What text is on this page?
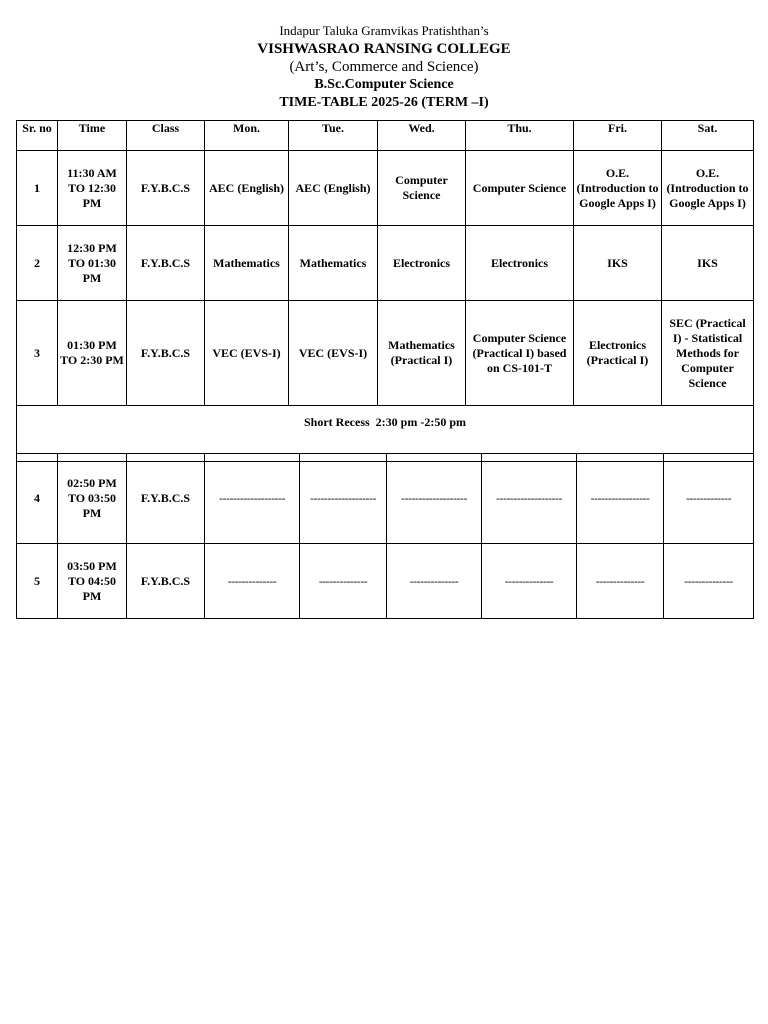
Indapur Taluka Gramvikas Pratishthan’s
VISHWASRAO RANSING COLLEGE
(Art’s, Commerce and Science)
B.Sc.Computer Science
TIME-TABLE 2025-26 (TERM –I)
Sr. no	Time	Class	Mon.	Tue.	Wed.	Thu.	Fri.	Sat.
1	11:30 AM TO 12:30 PM	F.Y.B.C.S	AEC (English)	AEC (English)	Computer Science	Computer Science	O.E. (Introduction to Google Apps I)	O.E. (Introduction to Google Apps I)
2	12:30 PM TO 01:30 PM	F.Y.B.C.S	Mathematics	Mathematics	Electronics	Electronics	IKS	IKS
3	01:30 PM TO 2:30 PM	F.Y.B.C.S	VEC (EVS-I)	VEC (EVS-I)	Mathematics (Practical I)	Computer Science (Practical I) based on CS-101-T	Electronics (Practical I)	SEC (Practical I) - Statistical Methods for Computer Science
Short Recess  2:30 pm -2:50 pm								
4	02:50 PM TO 03:50 PM	F.Y.B.C.S	-------------------	-------------------	-------------------	-------------------	-----------------	-------------
5	03:50 PM TO 04:50 PM	F.Y.B.C.S	--------------	--------------	--------------	--------------	--------------	--------------
